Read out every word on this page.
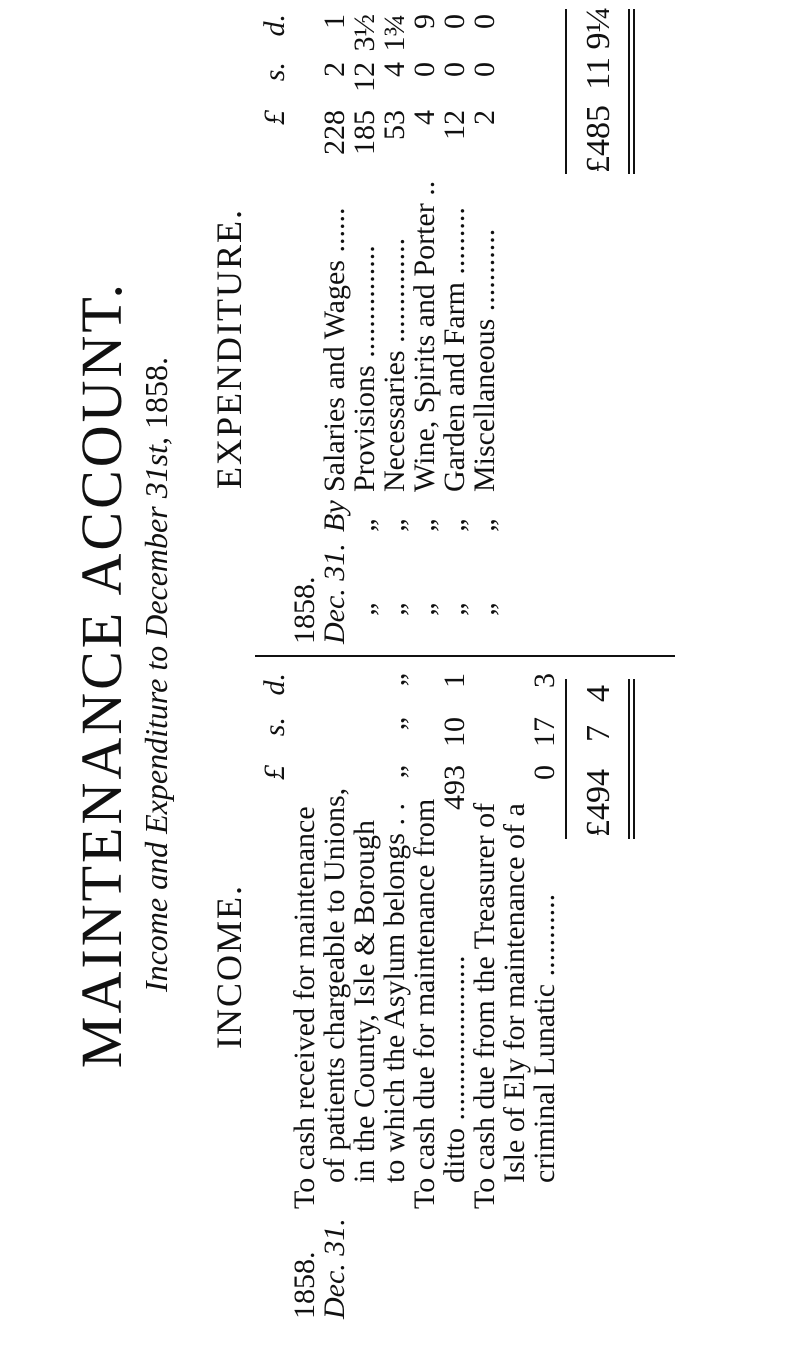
MAINTENANCE ACCOUNT. Income and Expenditure to December 31st, 1858.
INCOME.
£
s.
d.
1858.
To cash received for maintenance
Dec. 31.
of patients chargeable to Unions,
in the County, Isle & Borough
to which the Asylum belongs . .
„
„
„
To cash due for maintenance from
ditto ......................
493
10
1
To cash due from the Treasurer of
Isle of Ely for maintenance of a
criminal Lunatic ...........
0
17
3
£494
7
4
EXPENDITURE.
£
s.
d.
1858.
Dec. 31.
By
Salaries and Wages ......
228
2
1
„
„
Provisions ...............
185
12
3½
„
„
Necessaries ..............
53
4
1¾
„
„
Wine, Spirits and Porter ..
4
0
9
„
„
Garden and Farm .........
12
0
0
„
„
Miscellaneous ...........
2
0
0
£485
11
9¼
